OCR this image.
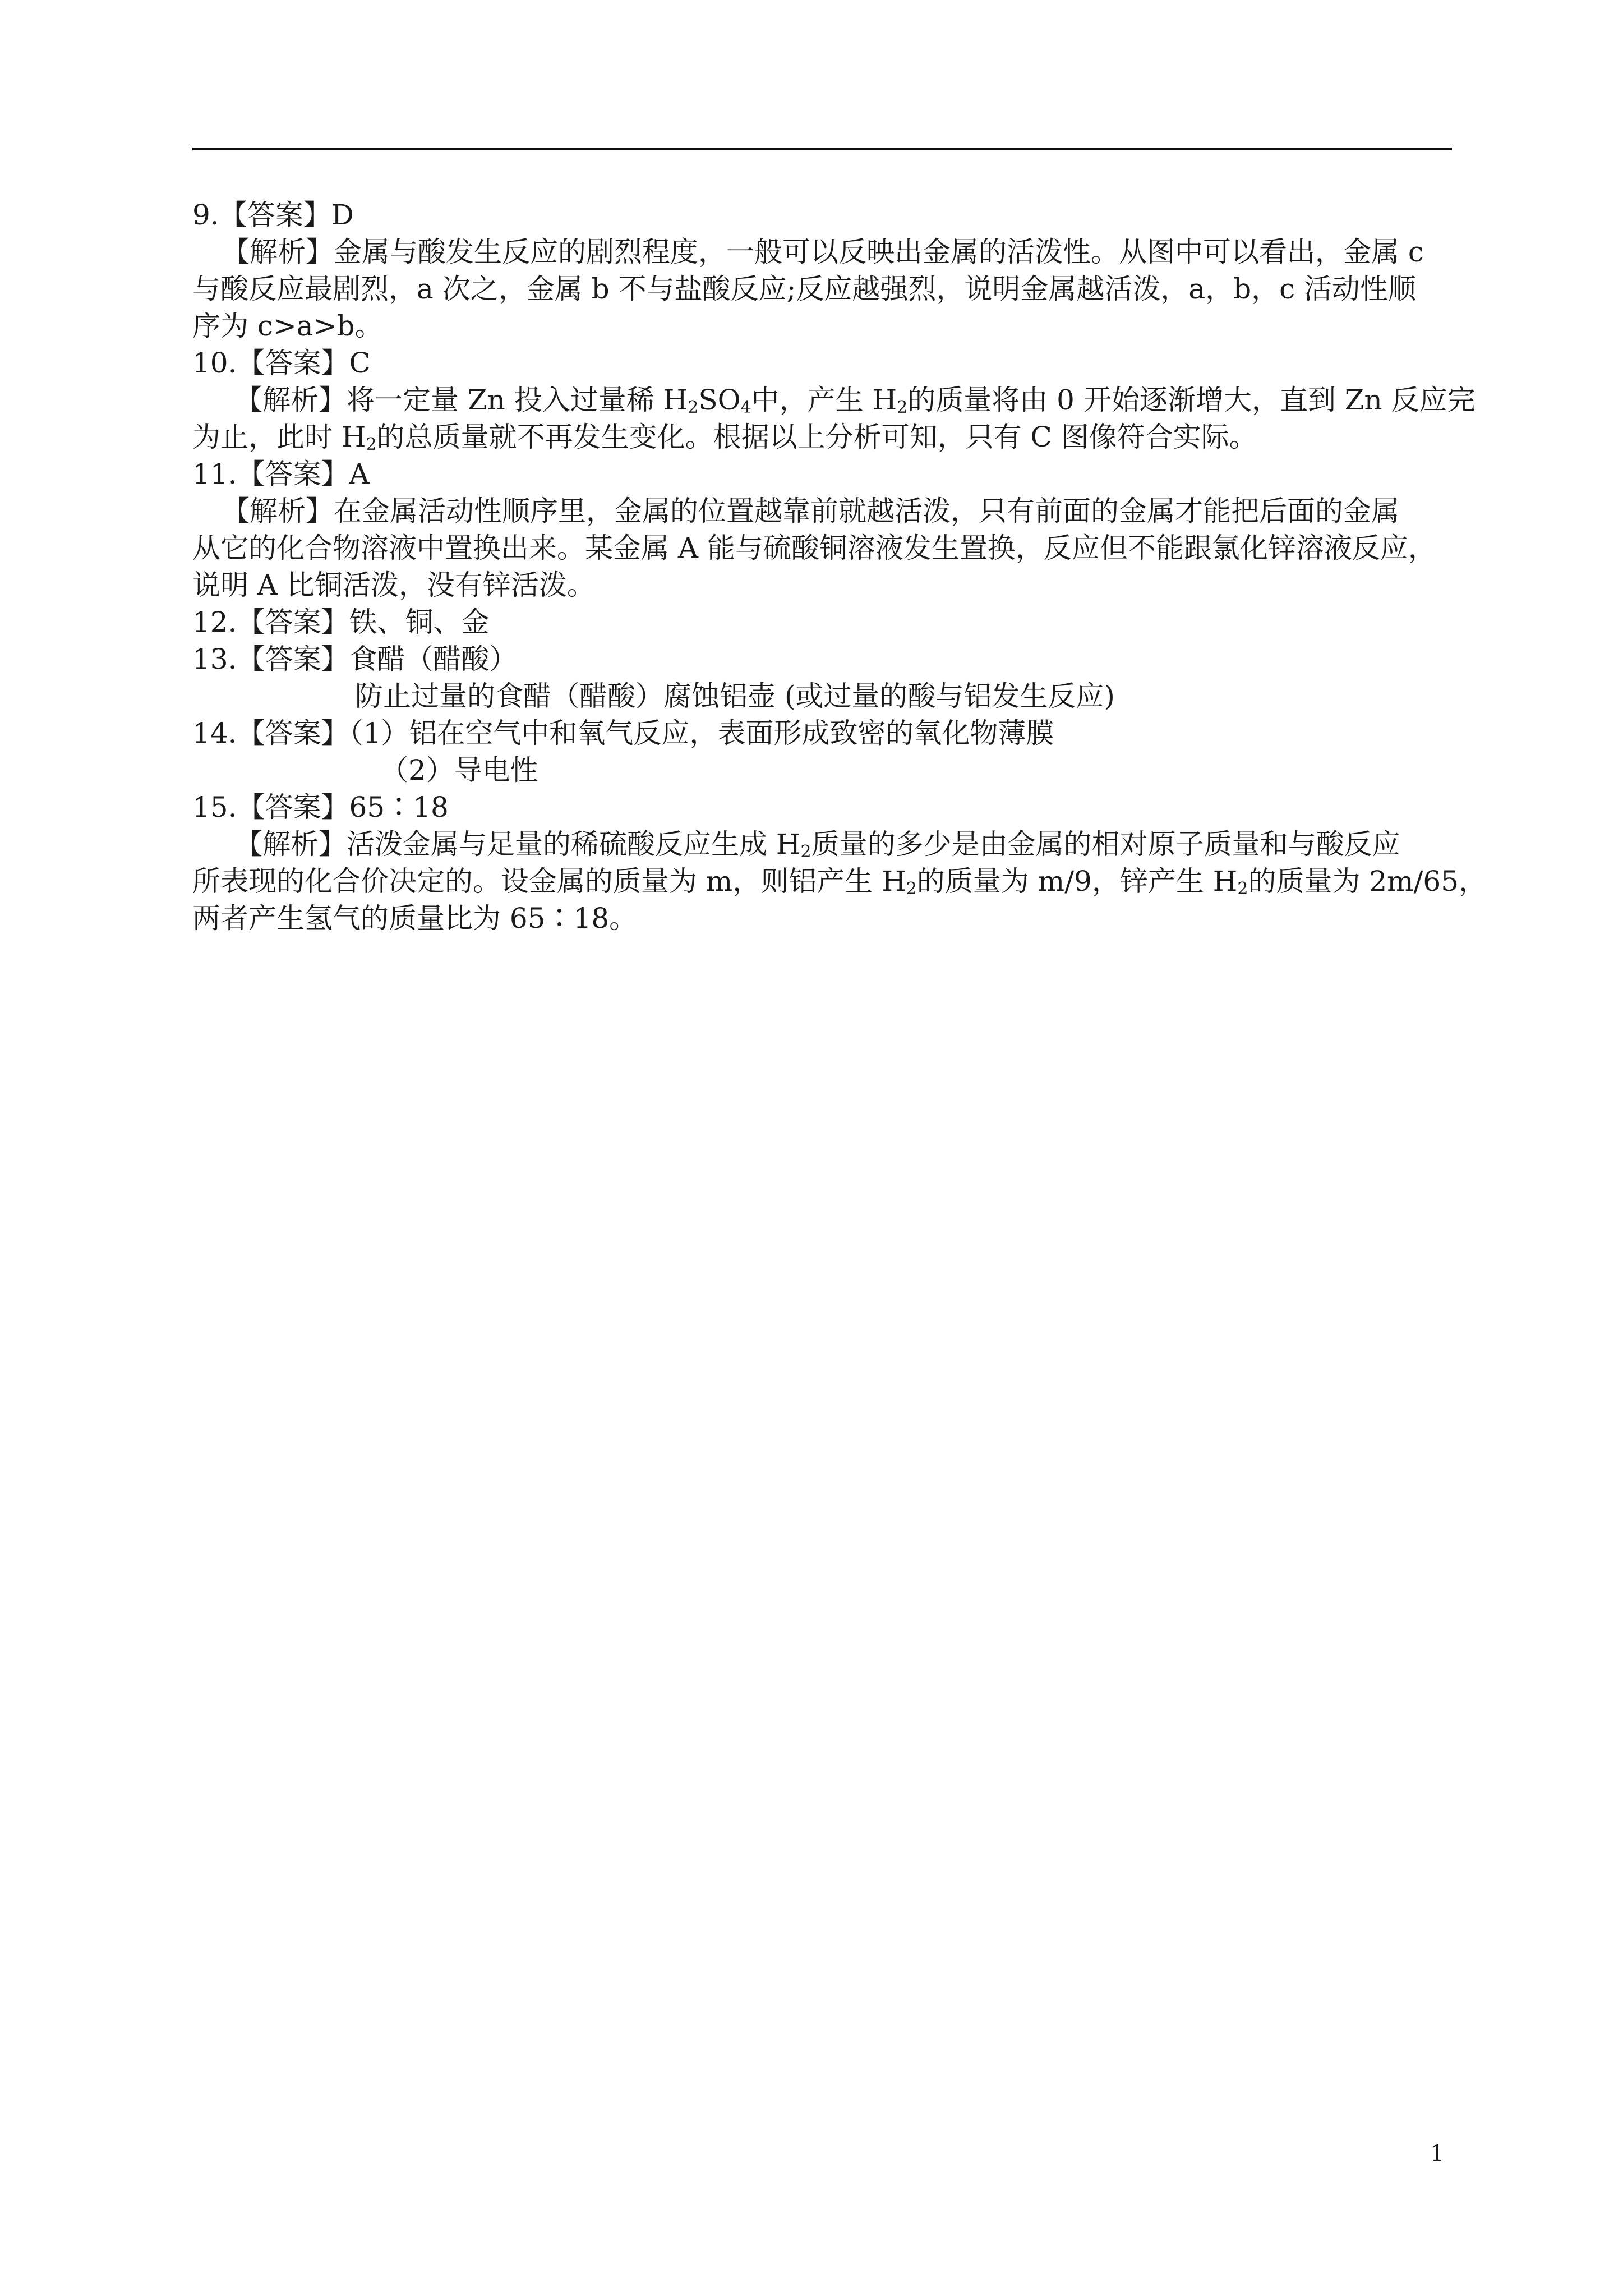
9.【答案】D
【解析】金属与酸发生反应的剧烈程度，一般可以反映出金属的活泼性。从图中可以看出，金属 c
与酸反应最剧烈，a 次之，金属 b 不与盐酸反应;反应越强烈，说明金属越活泼，a，b，c 活动性顺
序为 c>a>b。
10.【答案】C
【解析】将一定量 Zn 投入过量稀 $H_2SO_4$中，产生 $H_2$的质量将由 0 开始逐渐增大，直到 Zn 反应完
为止，此时 $H_2$的总质量就不再发生变化。根据以上分析可知，只有 C 图像符合实际。
11.【答案】A
【解析】在金属活动性顺序里，金属的位置越靠前就越活泼，只有前面的金属才能把后面的金属
从它的化合物溶液中置换出来。某金属 A 能与硫酸铜溶液发生置换，反应但不能跟氯化锌溶液反应，
说明 A 比铜活泼，没有锌活泼。
12.【答案】铁、铜、金
13.【答案】食醋（醋酸）
防止过量的食醋（醋酸）腐蚀铝壶 (或过量的酸与铝发生反应)
14.【答案】（1）铝在空气中和氧气反应，表面形成致密的氧化物薄膜
（2）导电性
15.【答案】65∶18
【解析】活泼金属与足量的稀硫酸反应生成 $H_2$质量的多少是由金属的相对原子质量和与酸反应
所表现的化合价决定的。设金属的质量为 m，则铝产生 $H_2$的质量为 m/9，锌产生 $H_2$的质量为 2m/65，
两者产生氢气的质量比为 65∶18。
1
